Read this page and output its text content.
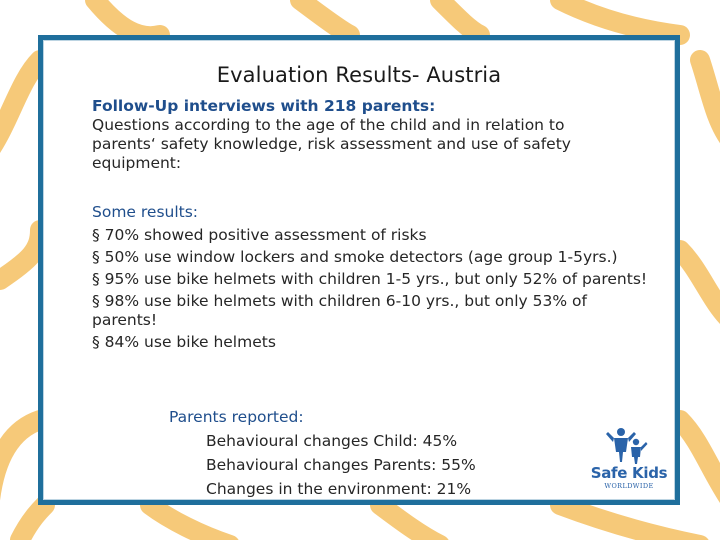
Evaluation Results- Austria
Follow-Up interviews with 218 parents:
Questions according to the age of the child and in relation to parents‘ safety knowledge, risk assessment and use of safety equipment:
Some results:
§ 70% showed positive assessment of risks
§ 50% use window lockers and smoke detectors (age group 1-5yrs.)
§ 95% use bike helmets with children 1-5 yrs., but only 52% of parents!
§ 98% use bike helmets with children 6-10 yrs., but only 53% of parents!
§ 84% use bike helmets
Parents reported:
Behavioural changes Child: 45%
Behavioural changes Parents: 55%
Changes in the environment: 21%
Safe Kids
WORLDWIDE
